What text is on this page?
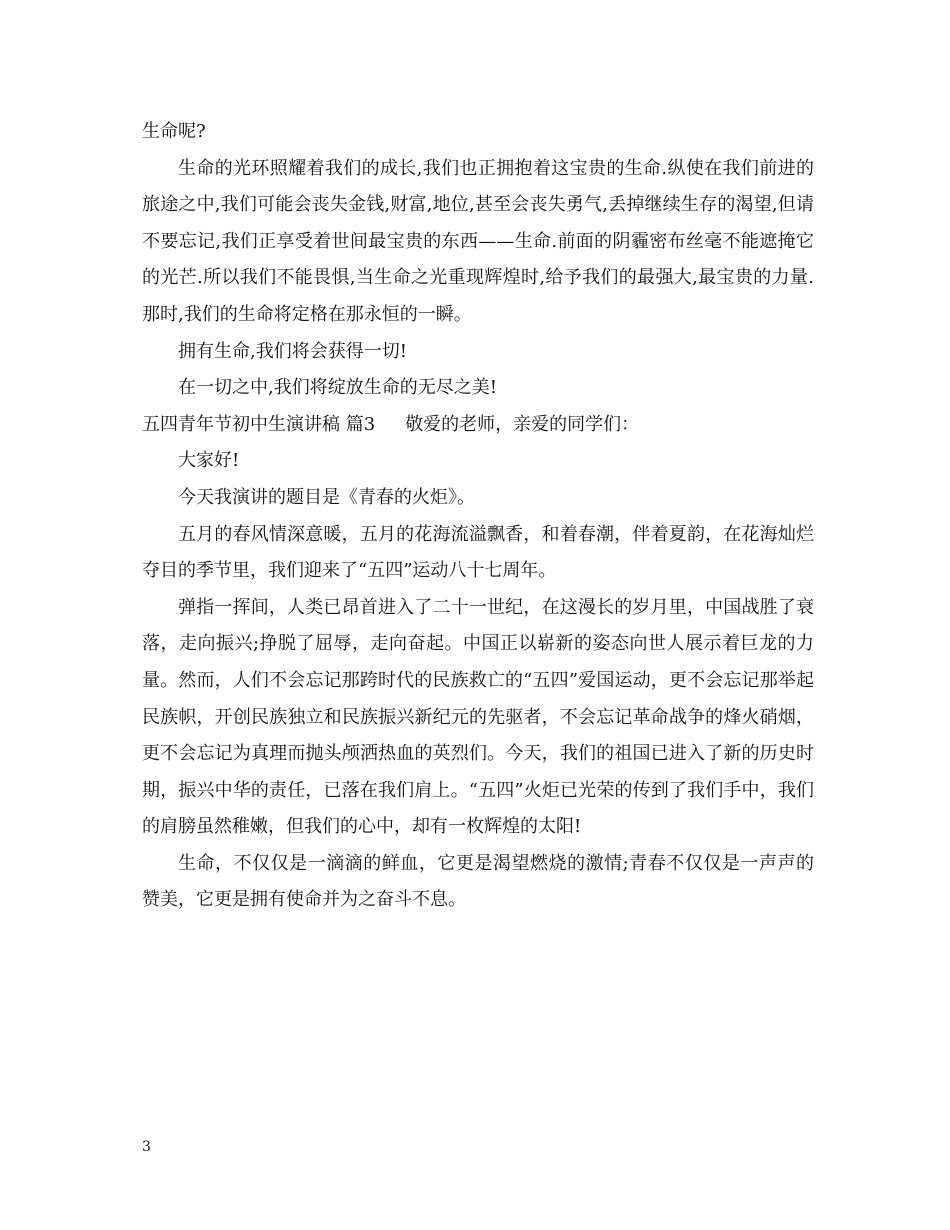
生命呢?

生命的光环照耀着我们的成长,我们也正拥抱着这宝贵的生命.纵使在我们前进的旅途之中,我们可能会丧失金钱,财富,地位,甚至会丧失勇气,丢掉继续生存的渴望,但请不要忘记,我们正享受着世间最宝贵的东西——生命.前面的阴霾密布丝毫不能遮掩它的光芒.所以我们不能畏惧,当生命之光重现辉煌时,给予我们的最强大,最宝贵的力量.那时,我们的生命将定格在那永恒的一瞬。

拥有生命,我们将会获得一切!

在一切之中,我们将绽放生命的无尽之美!

五四青年节初中生演讲稿 篇3 敬爱的老师，亲爱的同学们：

大家好!

今天我演讲的题目是《青春的火炬》。

五月的春风情深意暖，五月的花海流溢飘香，和着春潮，伴着夏韵，在花海灿烂夺目的季节里，我们迎来了“五四”运动八十七周年。

弹指一挥间，人类已昂首进入了二十一世纪，在这漫长的岁月里，中国战胜了衰落，走向振兴;挣脱了屈辱，走向奋起。中国正以崭新的姿态向世人展示着巨龙的力量。然而，人们不会忘记那跨时代的民族救亡的“五四”爱国运动，更不会忘记那举起民族帜，开创民族独立和民族振兴新纪元的先驱者，不会忘记革命战争的烽火硝烟，更不会忘记为真理而抛头颅洒热血的英烈们。今天，我们的祖国已进入了新的历史时期，振兴中华的责任，已落在我们肩上。“五四”火炬已光荣的传到了我们手中，我们的肩膀虽然稚嫩，但我们的心中，却有一枚辉煌的太阳!

生命，不仅仅是一滴滴的鲜血，它更是渴望燃烧的激情;青春不仅仅是一声声的赞美，它更是拥有使命并为之奋斗不息。

3
